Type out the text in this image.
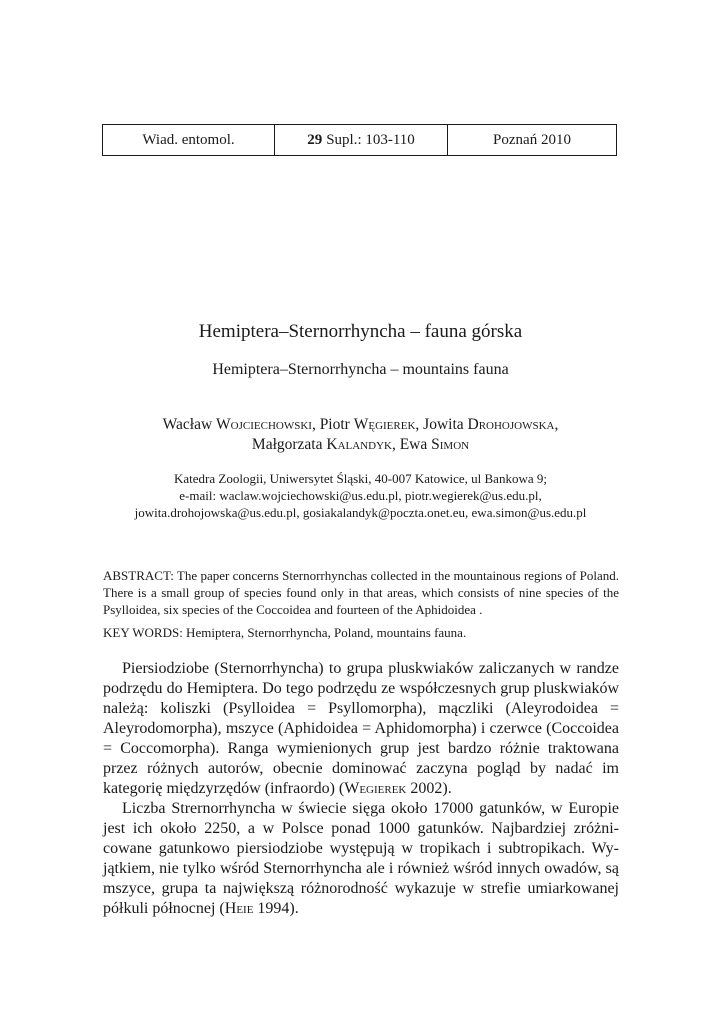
Wiad. entomol.	29 Supl.: 103-110	Poznań 2010
Hemiptera–Sternorrhyncha – fauna górska
Hemiptera–Sternorrhyncha – mountains fauna
Wacław Wojciechowski, Piotr Węgierek, Jowita Drohojowska,
Małgorzata Kalandyk, Ewa Simon
Katedra Zoologii, Uniwersytet Śląski, 40-007 Katowice, ul Bankowa 9;
e-mail: waclaw.wojciechowski@us.edu.pl, piotr.wegierek@us.edu.pl,
jowita.drohojowska@us.edu.pl, gosiakalandyk@poczta.onet.eu, ewa.simon@us.edu.pl
ABSTRACT: The paper concerns Sternorrhynchas collected in the mountainous regions of Poland. There is a small group of species found only in that areas, which consists of nine species of the Psylloidea, six species of the Coccoidea and fourteen of the Aphidoidea .
KEY WORDS: Hemiptera, Sternorrhyncha, Poland, mountains fauna.

Piersiodziobe (Sternorrhyncha) to grupa pluskwiaków zaliczanych w randze podrzędu do Hemiptera. Do tego podrzędu ze współczesnych grup pluskwiaków należą: koliszki (Psylloidea = Psyllomorpha), mączliki (Aleyrodoidea = Aleyrodomorpha), mszyce (Aphidoidea = Aphidomorpha) i czerwce (Coccoidea = Coccomorpha). Ranga wymienionych grup jest bardzo różnie traktowana przez różnych autorów, obecnie dominować zaczyna pogląd by nadać im kategorię międzyrzędów (infraordo) (Wegierek 2002).

Liczba Strernorrhyncha w świecie sięga około 17000 gatunków, w Europie jest ich około 2250, a w Polsce ponad 1000 gatunków. Najbardziej zróżnicowane gatunkowo piersiodziobe występują w tropikach i subtropikach. Wyjątkiem, nie tylko wśród Sternorrhyncha ale i również wśród innych owadów, są mszyce, grupa ta największą różnorodność wykazuje w strefie umiarkowanej półkuli północnej (Heie 1994).
